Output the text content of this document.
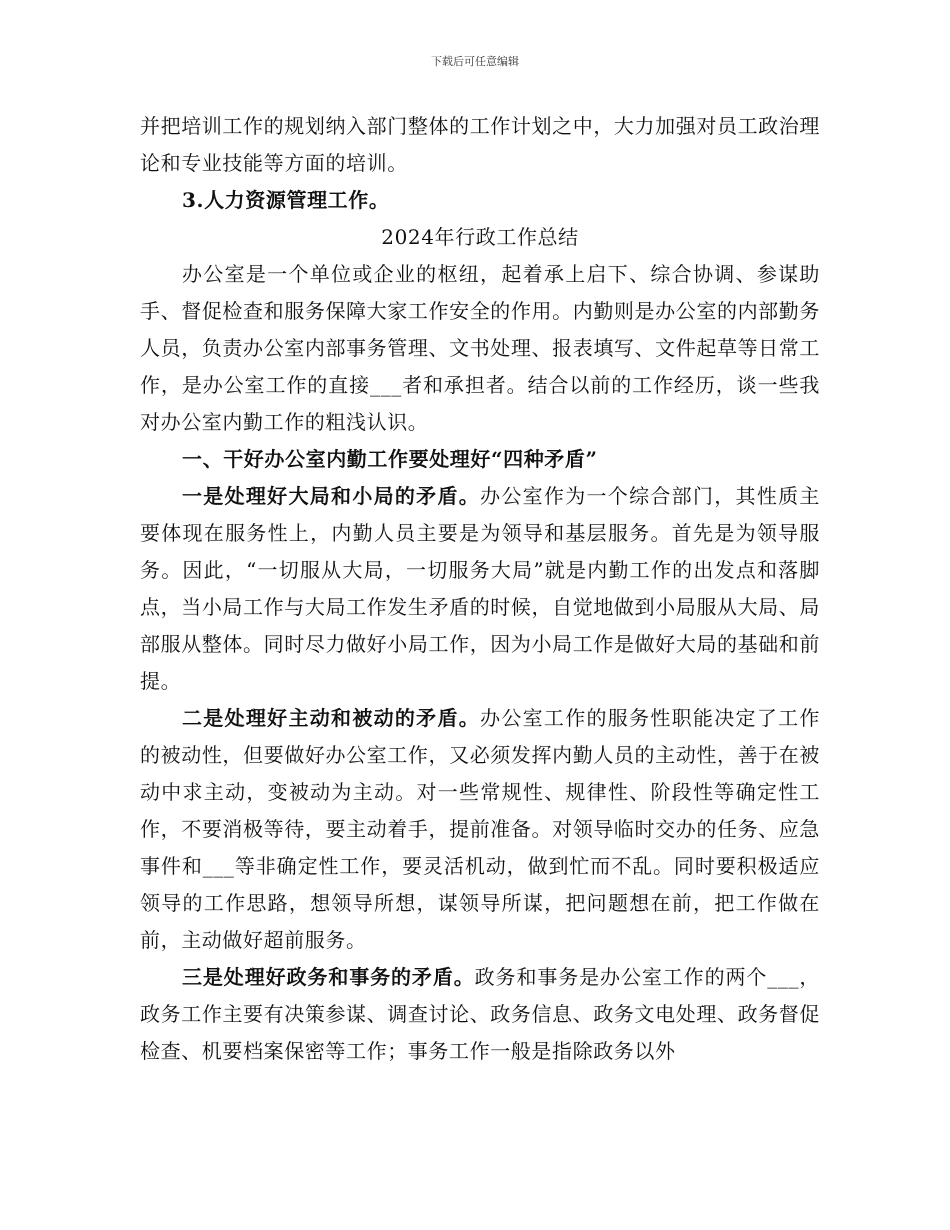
下载后可任意编辑

并把培训工作的规划纳入部门整体的工作计划之中，大力加强对员工政治理论和专业技能等方面的培训。

3.人力资源管理工作。

2024年行政工作总结

办公室是一个单位或企业的枢纽，起着承上启下、综合协调、参谋助手、督促检查和服务保障大家工作安全的作用。内勤则是办公室的内部勤务人员，负责办公室内部事务管理、文书处理、报表填写、文件起草等日常工作，是办公室工作的直接___者和承担者。结合以前的工作经历，谈一些我对办公室内勤工作的粗浅认识。

一、干好办公室内勤工作要处理好“四种矛盾”

一是处理好大局和小局的矛盾。办公室作为一个综合部门，其性质主要体现在服务性上，内勤人员主要是为领导和基层服务。首先是为领导服务。因此，“一切服从大局，一切服务大局”就是内勤工作的出发点和落脚点，当小局工作与大局工作发生矛盾的时候，自觉地做到小局服从大局、局部服从整体。同时尽力做好小局工作，因为小局工作是做好大局的基础和前提。

二是处理好主动和被动的矛盾。办公室工作的服务性职能决定了工作的被动性，但要做好办公室工作，又必须发挥内勤人员的主动性，善于在被动中求主动，变被动为主动。对一些常规性、规律性、阶段性等确定性工作，不要消极等待，要主动着手，提前准备。对领导临时交办的任务、应急事件和___等非确定性工作，要灵活机动，做到忙而不乱。同时要积极适应领导的工作思路，想领导所想，谋领导所谋，把问题想在前，把工作做在前，主动做好超前服务。

三是处理好政务和事务的矛盾。政务和事务是办公室工作的两个___，政务工作主要有决策参谋、调查讨论、政务信息、政务文电处理、政务督促检查、机要档案保密等工作；事务工作一般是指除政务以外
